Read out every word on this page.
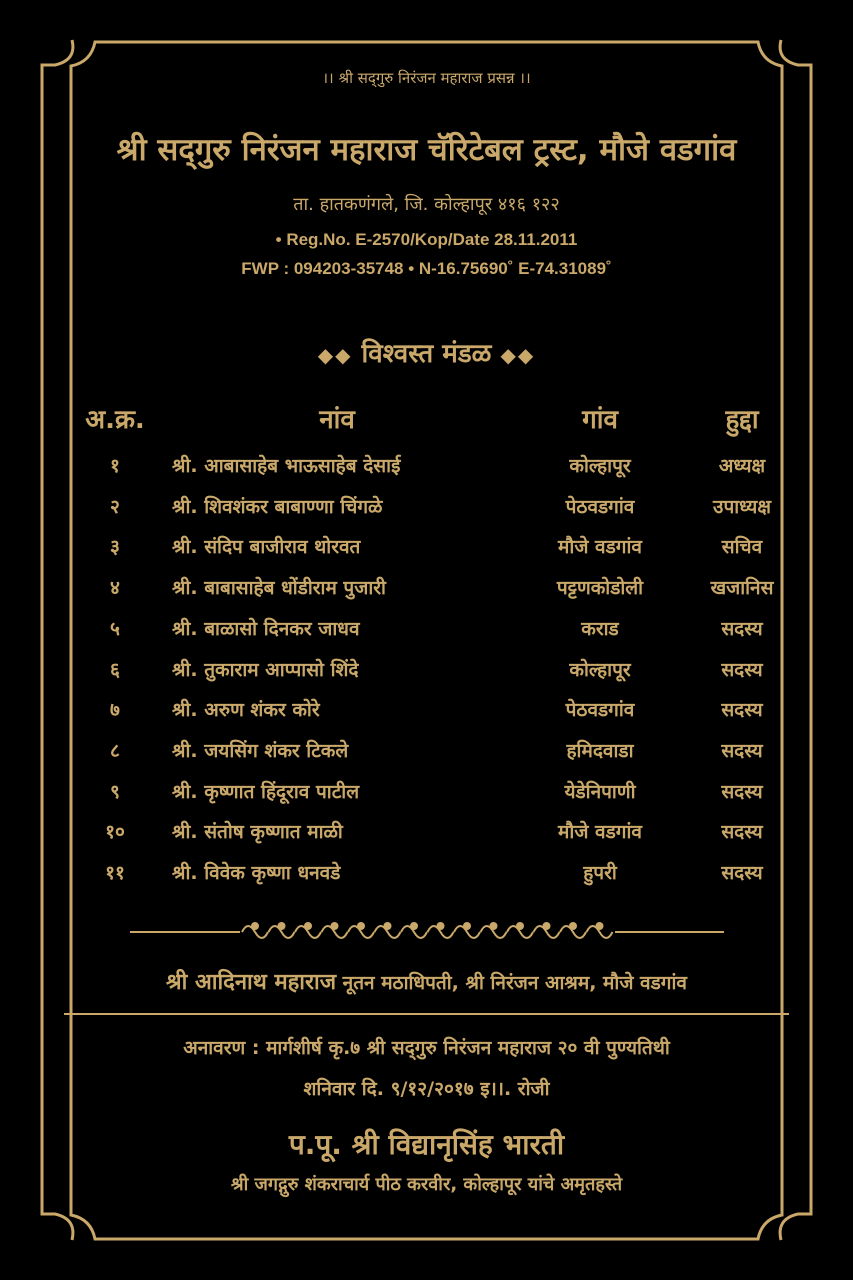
।। श्री सद्‌गुरु निरंजन महाराज प्रसन्न ।।
श्री सद्‌गुरु निरंजन महाराज चॅरिटेबल ट्रस्ट, मौजे वडगांव
ता. हातकणंगले, जि. कोल्हापूर ४१६ १२२
• Reg.No. E-2570/Kop/Date 28.11.2011
FWP : 094203-35748 • N-16.75690˚ E-74.31089˚
◆◆ विश्वस्त मंडळ ◆◆
अ.क्र.	नांव	गांव	हुद्दा
१	श्री. आबासाहेब भाऊसाहेब देसाई	कोल्हापूर	अध्यक्ष
२	श्री. शिवशंकर बाबाण्णा चिंगळे	पेठवडगांव	उपाध्यक्ष
३	श्री. संदिप बाजीराव थोरवत	मौजे वडगांव	सचिव
४	श्री. बाबासाहेब धोंडीराम पुजारी	पट्टणकोडोली	खजानिस
५	श्री. बाळासो दिनकर जाधव	कराड	सदस्य
६	श्री. तुकाराम आप्पासो शिंदे	कोल्हापूर	सदस्य
७	श्री. अरुण शंकर कोरे	पेठवडगांव	सदस्य
८	श्री. जयसिंग शंकर टिकले	हमिदवाडा	सदस्य
९	श्री. कृष्णात हिंदूराव पाटील	येडेनिपाणी	सदस्य
१०	श्री. संतोष कृष्णात माळी	मौजे वडगांव	सदस्य
११	श्री. विवेक कृष्णा धनवडे	हुपरी	सदस्य
श्री आदिनाथ महाराज नूतन मठाधिपती, श्री निरंजन आश्रम, मौजे वडगांव
अनावरण : मार्गशीर्ष कृ.७ श्री सद्‌गुरु निरंजन महाराज २० वी पुण्यतिथी
शनिवार दि. ९/१२/२०१७ इ।।. रोजी
प.पू. श्री विद्यानृसिंह भारती
श्री जगद्गुरु शंकराचार्य पीठ करवीर, कोल्हापूर यांचे अमृतहस्ते
